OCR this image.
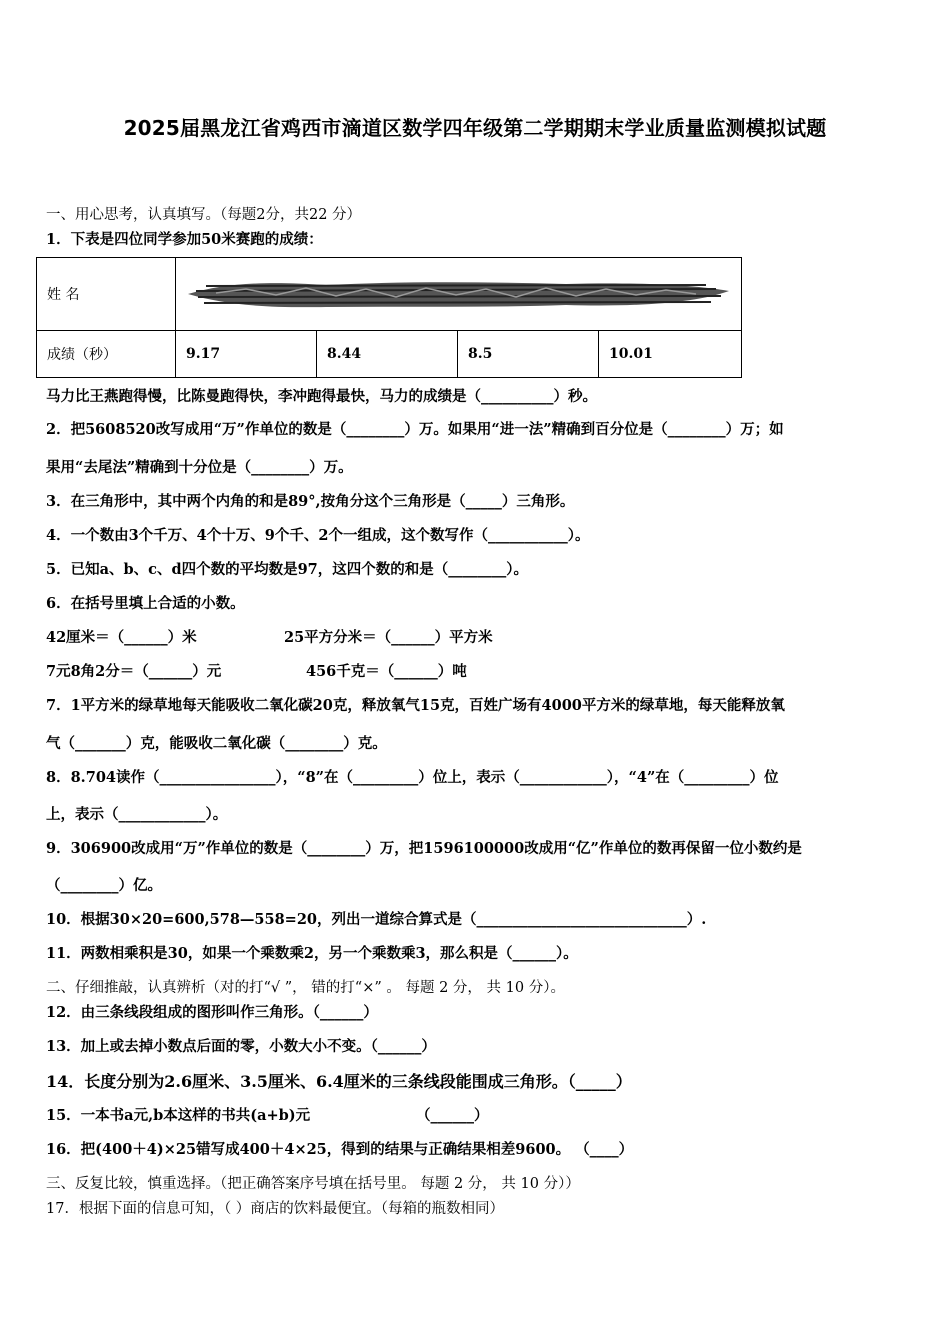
2025届黑龙江省鸡西市滴道区数学四年级第二学期期末学业质量监测模拟试题
一、用心思考，认真填写。（每题2分，共22 分）
1．下表是四位同学参加50米赛跑的成绩：
姓 名	

成绩（秒）	9.17	8.44	8.5	10.01
马力比王燕跑得慢，比陈曼跑得快，李冲跑得最快，马力的成绩是（__________）秒。
2．把5608520改写成用“万”作单位的数是（________）万。如果用“进一法”精确到百分位是（________）万；如
果用“去尾法”精确到十分位是（________）万。
3．在三角形中，其中两个内角的和是89°,按角分这个三角形是（_____）三角形。
4．一个数由3个千万、4个十万、9个千、2个一组成，这个数写作（___________）。
5．已知a、b、c、d四个数的平均数是97，这四个数的和是（________）。
6．在括号里填上合适的小数。
42厘米＝（______）米	25平方分米＝（______）平方米
7元8角2分＝（______）元	456千克＝（______）吨
7．1平方米的绿草地每天能吸收二氧化碳20克，释放氧气15克，百姓广场有4000平方米的绿草地，每天能释放氧
气（_______）克，能吸收二氧化碳（________）克。
8．8.704读作（________________），“8”在（_________）位上，表示（____________），“4”在（_________）位
上，表示（____________）。
9．306900改成用“万”作单位的数是（________）万，把1596100000改成用“亿”作单位的数再保留一位小数约是
（________）亿。
10．根据30×20=600,578—558=20，列出一道综合算式是（_____________________________）.
11．两数相乘积是30，如果一个乘数乘2，另一个乘数乘3，那么积是（______）。
二、仔细推敲，认真辨析（对的打“√ ”， 错的打“×” 。 每题 2 分， 共 10 分）。
12．由三条线段组成的图形叫作三角形。（______）
13．加上或去掉小数点后面的零，小数大小不变。（______）
14．长度分别为2.6厘米、3.5厘米、6.4厘米的三条线段能围成三角形。（_____）
15．一本书a元,b本这样的书共(a+b)元	（______）
16．把(400＋4)×25错写成400＋4×25，得到的结果与正确结果相差9600。 （____）
三、反复比较，慎重选择。（把正确答案序号填在括号里。 每题 2 分， 共 10 分））
17．根据下面的信息可知，（ ）商店的饮料最便宜。（每箱的瓶数相同）
